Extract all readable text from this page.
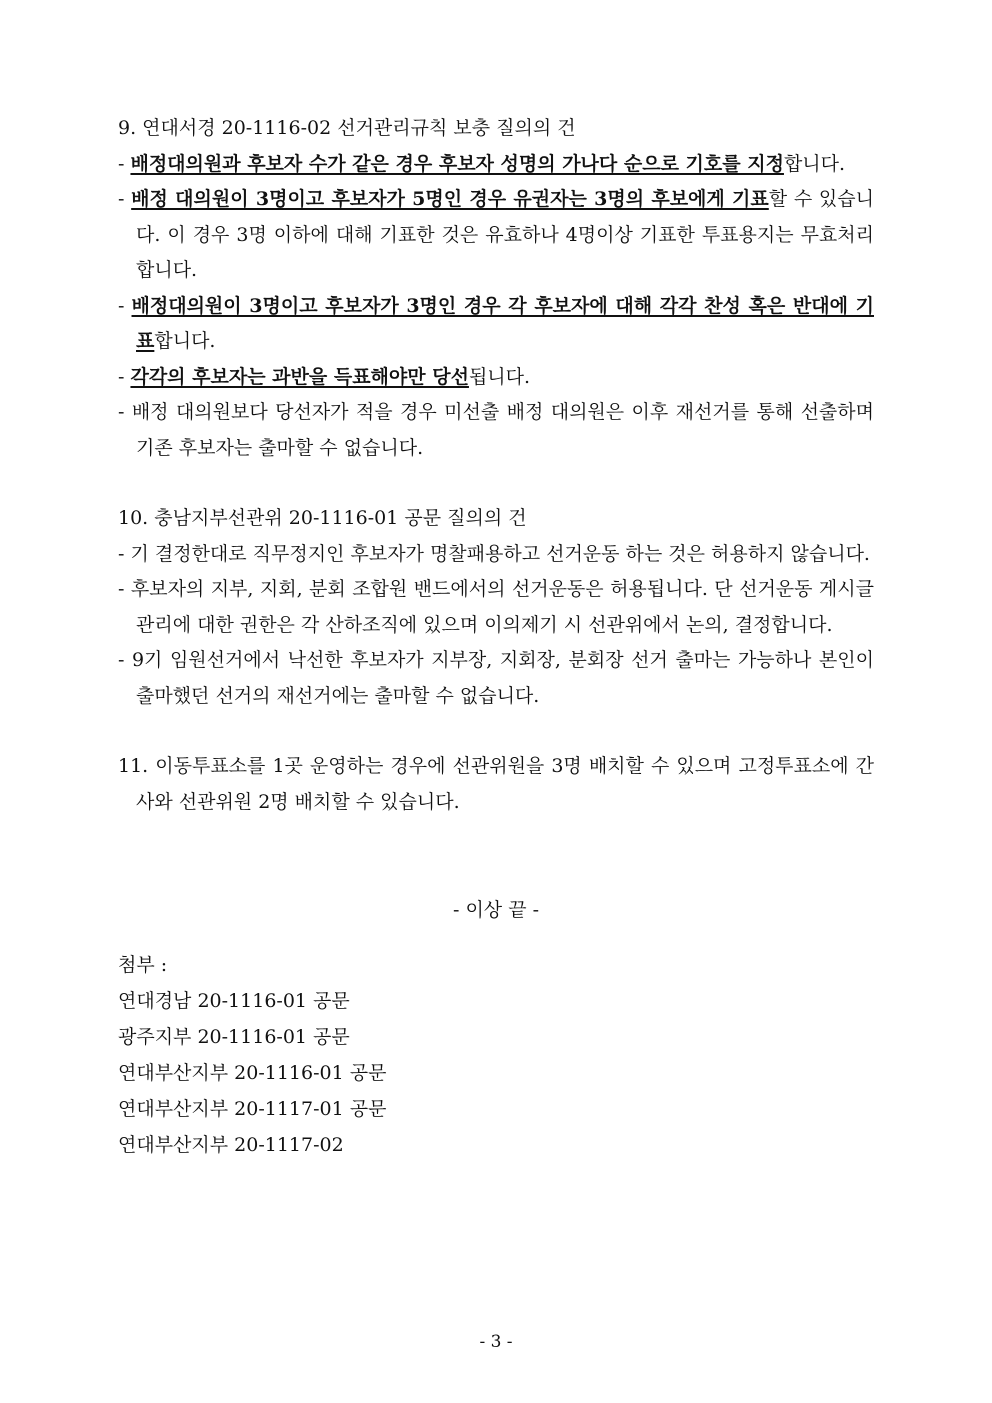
9. 연대서경 20-1116-02 선거관리규칙 보충 질의의 건

- 배정대의원과 후보자 수가 같은 경우 후보자 성명의 가나다 순으로 기호를 지정합니다.

- 배정 대의원이 3명이고 후보자가 5명인 경우 유권자는 3명의 후보에게 기표할 수 있습니다. 이 경우 3명 이하에 대해 기표한 것은 유효하나 4명이상 기표한 투표용지는 무효처리합니다.

- 배정대의원이 3명이고 후보자가 3명인 경우 각 후보자에 대해 각각 찬성 혹은 반대에 기표합니다.

- 각각의 후보자는 과반을 득표해야만 당선됩니다.

- 배정 대의원보다 당선자가 적을 경우 미선출 배정 대의원은 이후 재선거를 통해 선출하며 기존 후보자는 출마할 수 없습니다.

10. 충남지부선관위 20-1116-01 공문 질의의 건

- 기 결정한대로 직무정지인 후보자가 명찰패용하고 선거운동 하는 것은 허용하지 않습니다.

- 후보자의 지부, 지회, 분회 조합원 밴드에서의 선거운동은 허용됩니다. 단 선거운동 게시글 관리에 대한 권한은 각 산하조직에 있으며 이의제기 시 선관위에서 논의, 결정합니다.

- 9기 임원선거에서 낙선한 후보자가 지부장, 지회장, 분회장 선거 출마는 가능하나 본인이 출마했던 선거의 재선거에는 출마할 수 없습니다.

11. 이동투표소를 1곳 운영하는 경우에 선관위원을 3명 배치할 수 있으며 고정투표소에 간사와 선관위원 2명 배치할 수 있습니다.

- 이상 끝 -

첨부 :

연대경남 20-1116-01 공문
광주지부 20-1116-01 공문
연대부산지부 20-1116-01 공문
연대부산지부 20-1117-01 공문
연대부산지부 20-1117-02
- 3 -
